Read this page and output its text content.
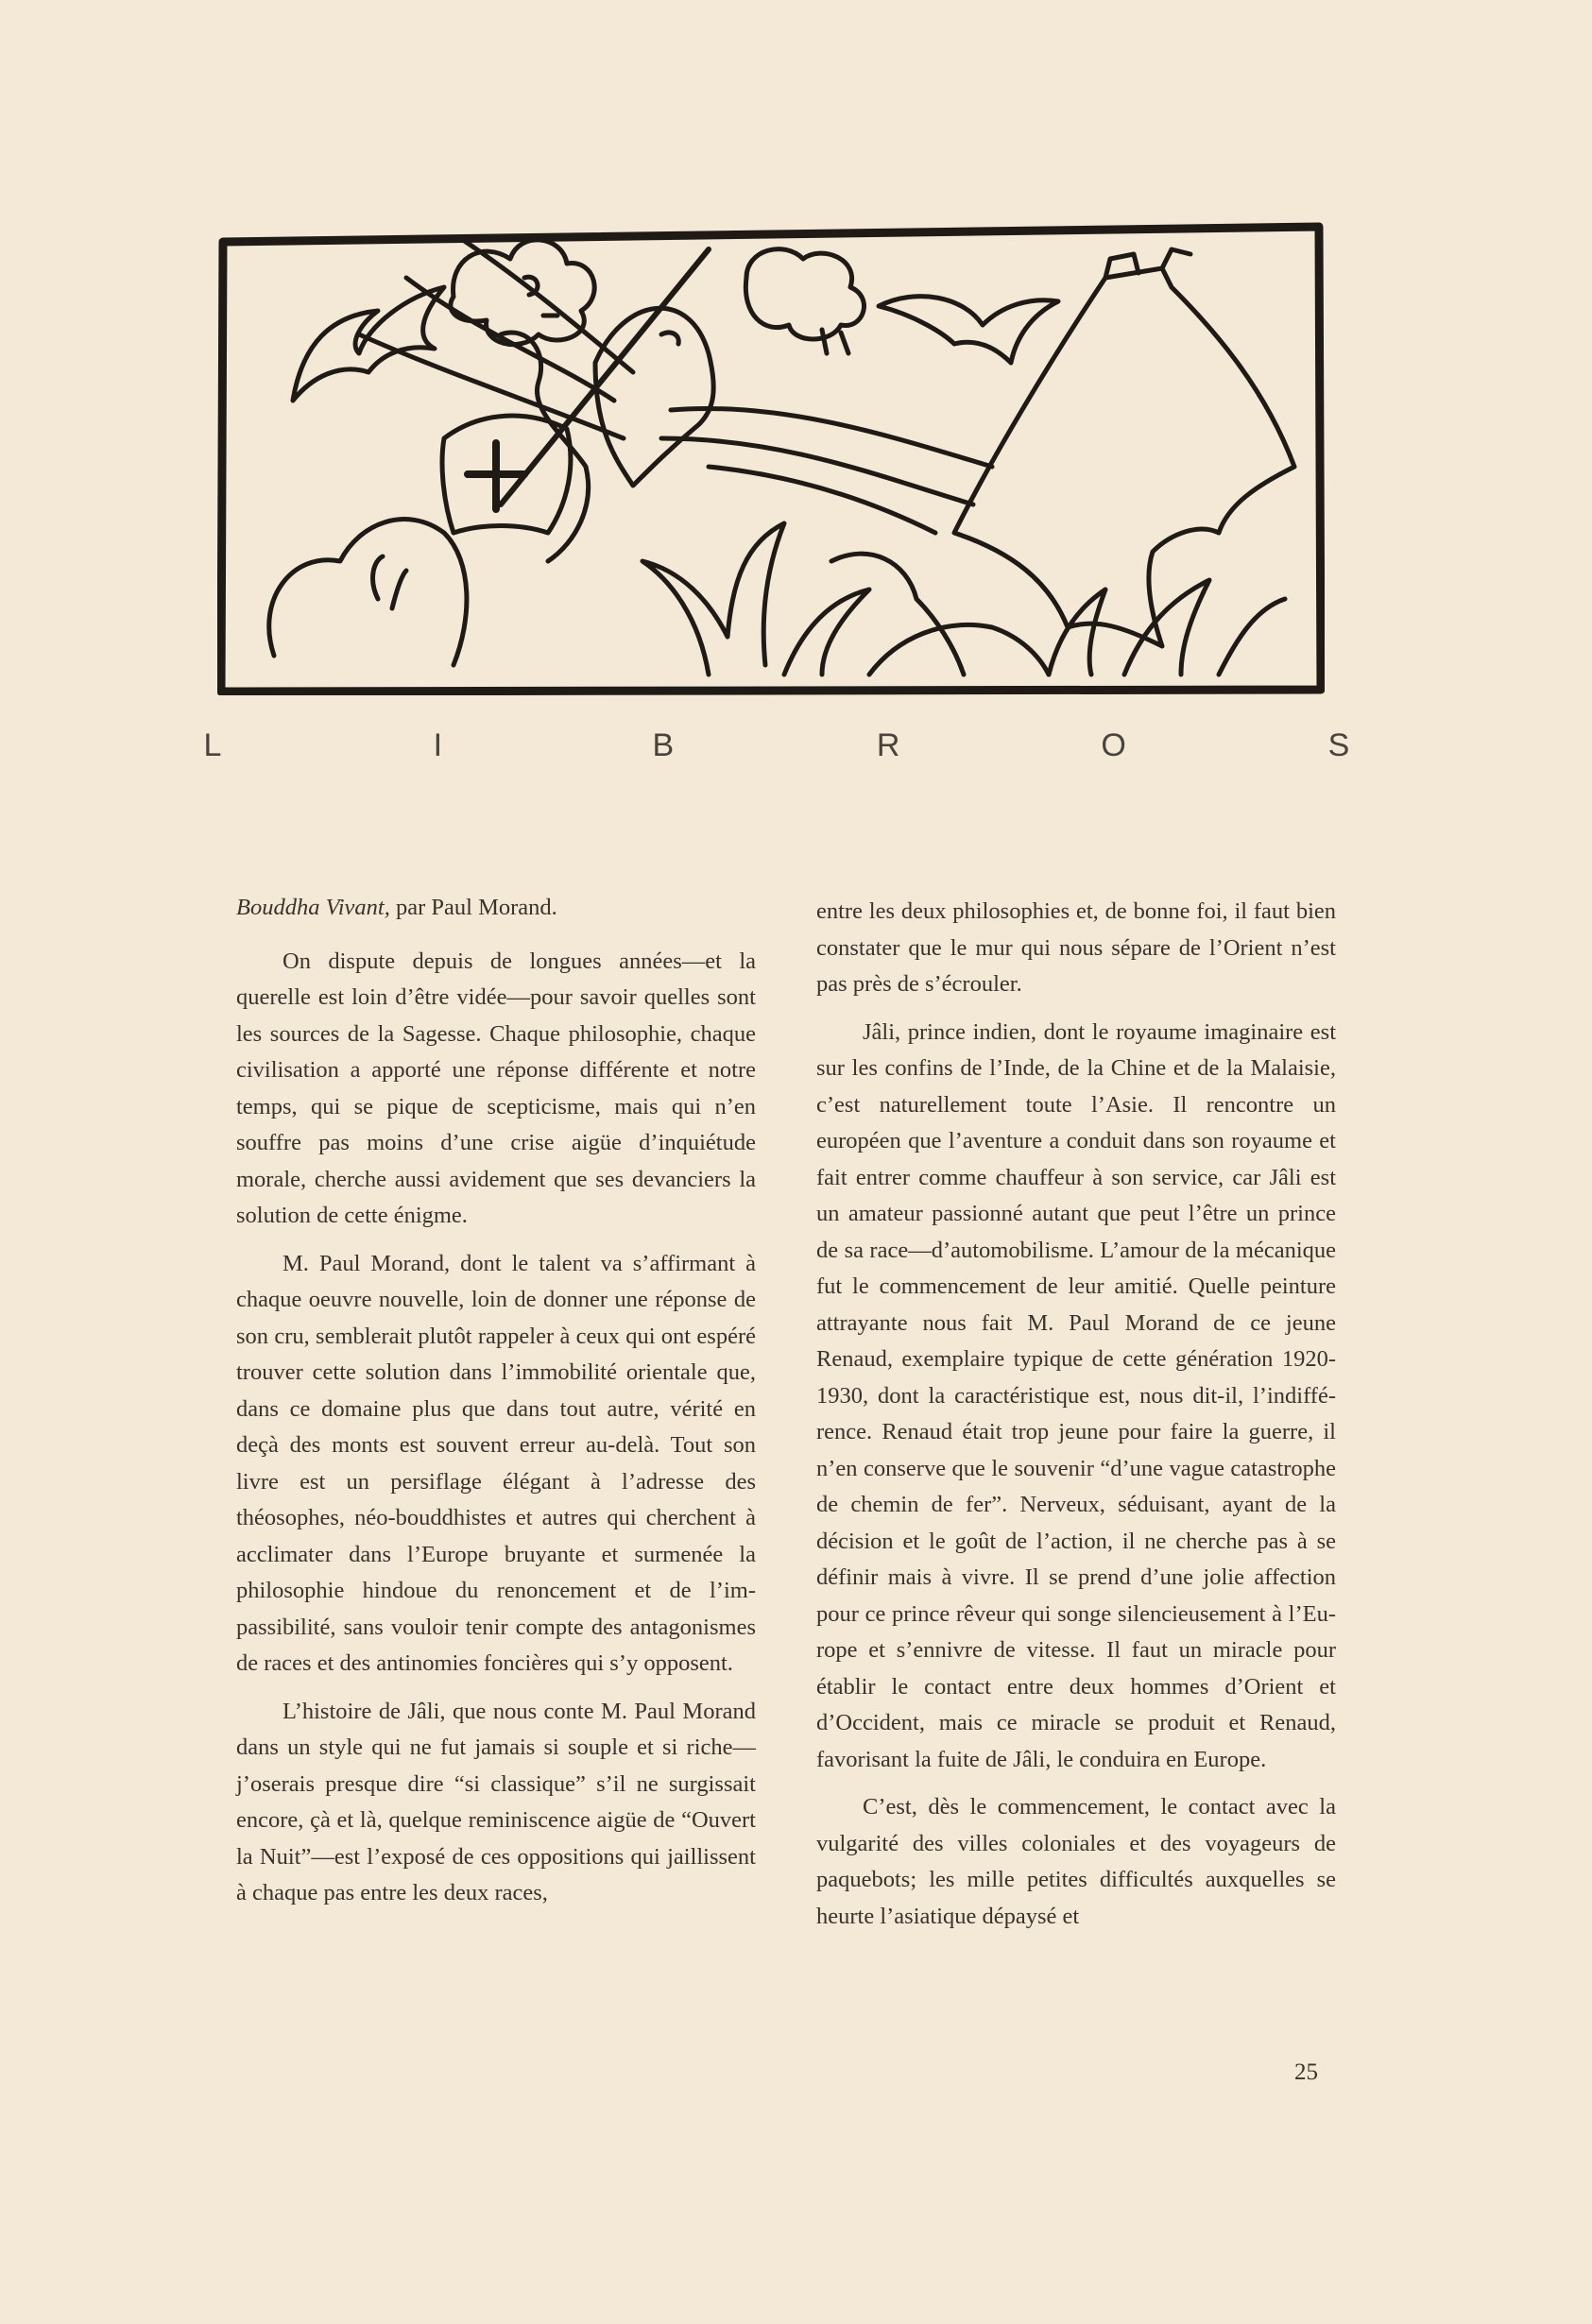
L	I	B	R	O	S

Bouddha Vivant, par Paul Morand.

On dispute depuis de longues années—et la querelle est loin d’être vidée—pour savoir quelles sont les sources de la Sagesse. Chaque philosophie, chaque civilisation a apporté une réponse différente et notre temps, qui se pique de scepticisme, mais qui n’en souffre pas moins d’une crise aigüe d’inquiétude morale, cherche aussi avidement que ses devanciers la solution de cette énigme.

M. Paul Morand, dont le talent va s’affirmant à chaque oeuvre nouvelle, loin de donner une réponse de son cru, semblerait plutôt rappeler à ceux qui ont espéré trouver cette solution dans l’immobilité orientale que, dans ce domaine plus que dans tout autre, vérité en deçà des monts est souvent erreur au-delà. Tout son livre est un persiflage élégant à l’adresse des théosophes, néo-bouddhistes et autres qui cherchent à acclimater dans l’Europe bruyante et surmenée la philosophie hindoue du renoncement et de l’impassibilité, sans vouloir tenir compte des antagonismes de races et des antinomies foncières qui s’y opposent.

L’histoire de Jâli, que nous conte M. Paul Morand dans un style qui ne fut jamais si souple et si riche—j’oserais presque dire “si classique” s’il ne surgissait encore, çà et là, quelque reminiscence aigüe de “Ouvert la Nuit”—est l’exposé de ces oppositions qui jaillissent à chaque pas entre les deux races,

entre les deux philosophies et, de bonne foi, il faut bien constater que le mur qui nous sépare de l’Orient n’est pas près de s’écrouler.

Jâli, prince indien, dont le royaume imaginaire est sur les confins de l’Inde, de la Chine et de la Malaisie, c’est naturellement toute l’Asie. Il rencontre un européen que l’aventure a conduit dans son royaume et fait entrer comme chauffeur à son service, car Jâli est un amateur passionné autant que peut l’être un prince de sa race—d’automobilisme. L’amour de la mécanique fut le commencement de leur amitié. Quelle peinture attrayante nous fait M. Paul Morand de ce jeune Renaud, exemplaire typique de cette génération 1920-1930, dont la caractéristique est, nous dit-il, l’indifférence. Renaud était trop jeune pour faire la guerre, il n’en conserve que le souvenir “d’une vague catastrophe de chemin de fer”. Nerveux, séduisant, ayant de la décision et le goût de l’action, il ne cherche pas à se définir mais à vivre. Il se prend d’une jolie affection pour ce prince rêveur qui songe silencieusement à l’Europe et s’ennivre de vitesse. Il faut un miracle pour établir le contact entre deux hommes d’Orient et d’Occident, mais ce miracle se produit et Renaud, favorisant la fuite de Jâli, le conduira en Europe.

C’est, dès le commencement, le contact avec la vulgarité des villes coloniales et des voyageurs de paquebots; les mille petites difficultés auxquelles se heurte l’asiatique dépaysé et

25
